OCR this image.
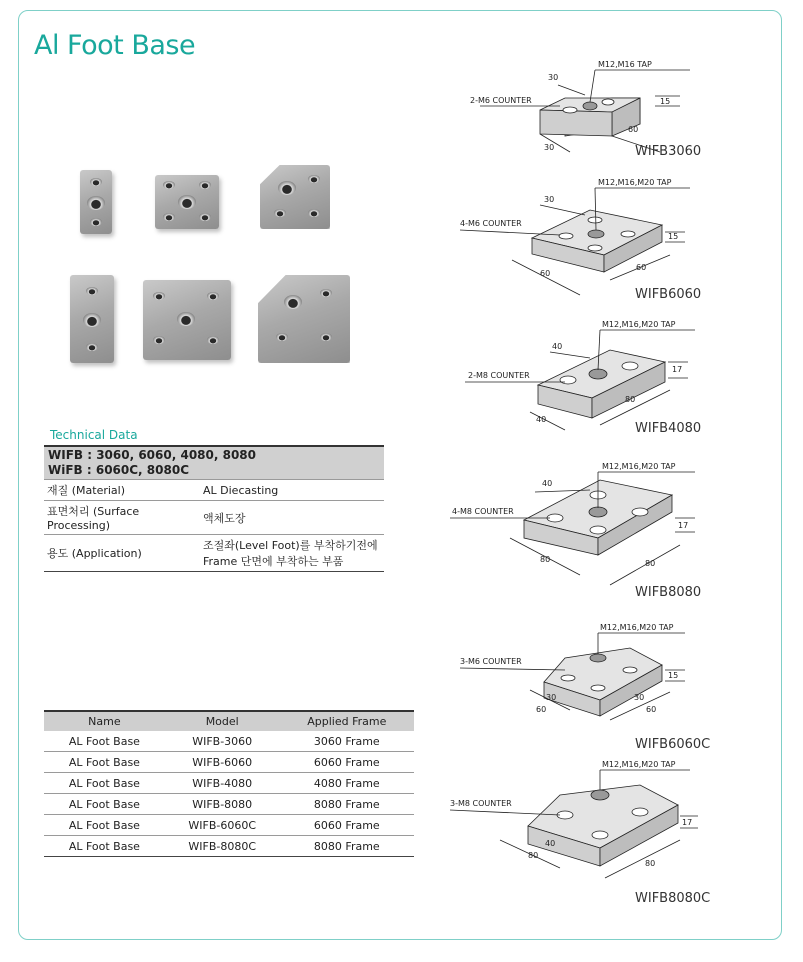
Al Foot Base
Technical Data
WIFB : 3060, 6060, 4080, 8080
WiFB : 6060C, 8080C	

재질 (Material)	AL Diecasting
표면처리 (Surface Processing)	액체도장
용도 (Application)	조절좌(Level Foot)를 부착하기전에
Frame 단면에 부착하는 부품
Name	Model	Applied Frame
AL Foot Base	WIFB-3060	3060 Frame
AL Foot Base	WIFB-6060	6060 Frame
AL Foot Base	WIFB-4080	4080 Frame
AL Foot Base	WIFB-8080	8080 Frame
AL Foot Base	WIFB-6060C	6060 Frame
AL Foot Base	WIFB-8080C	8080 Frame
M12,M16 TAP
2-M6 COUNTER
30
15
30
60
WIFB3060
M12,M16,M20 TAP
4-M6 COUNTER
30
15
60
60
WIFB6060
M12,M16,M20 TAP
2-M8 COUNTER
40
17
40
80
WIFB4080
M12,M16,M20 TAP
4-M8 COUNTER
40
17
80	80
WIFB8080
M12,M16,M20 TAP
3-M6 COUNTER
15
30
60
30
60
WIFB6060C
M12,M16,M20 TAP
3-M8 COUNTER
17
40
80
80
WIFB8080C
